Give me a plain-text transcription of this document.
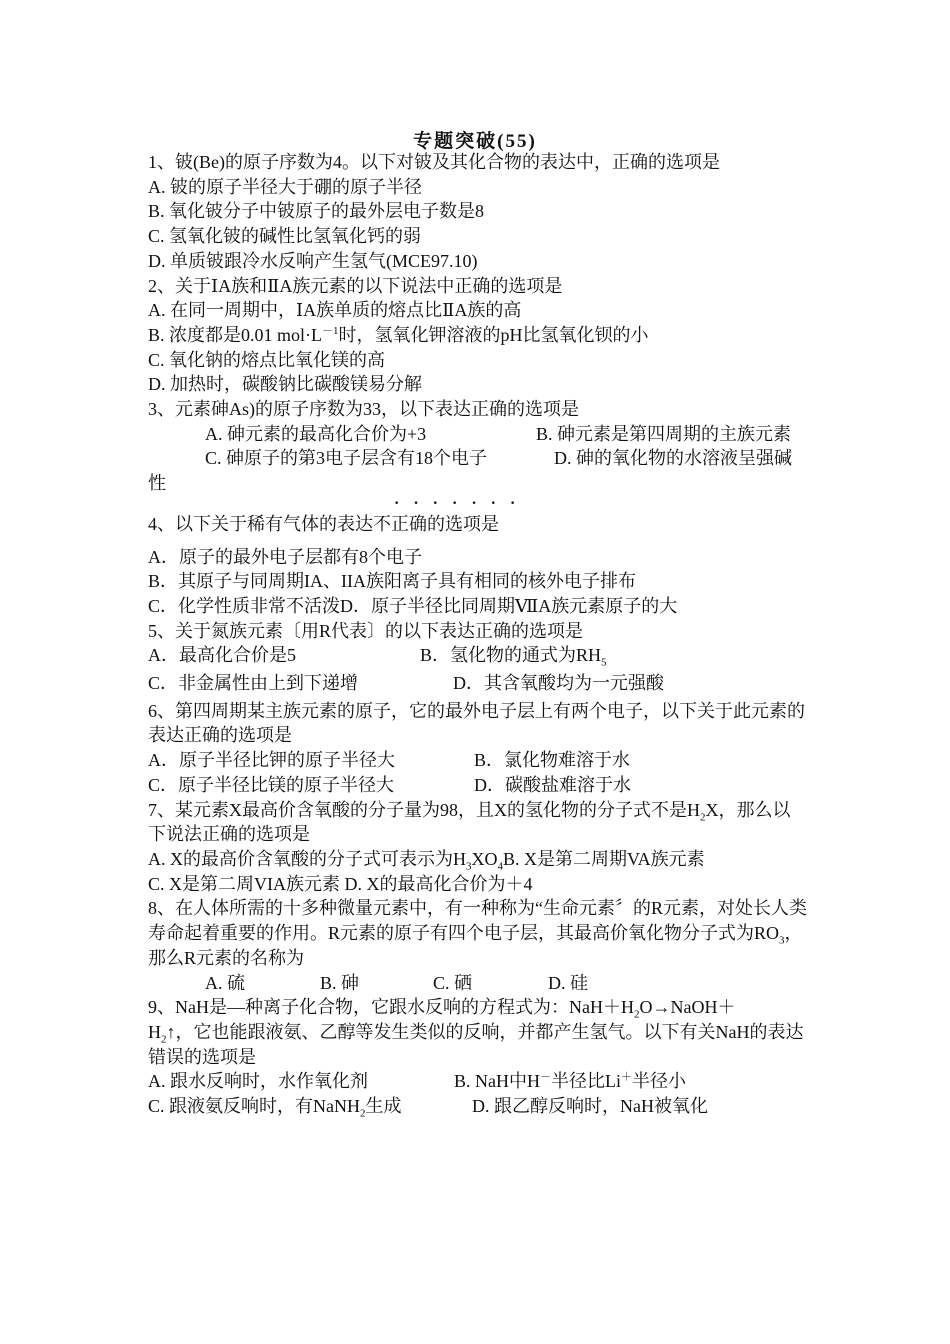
专题突破(55)
1、铍(Be)的原子序数为4。以下对铍及其化合物的表达中，正确的选项是
A. 铍的原子半径大于硼的原子半径
B. 氧化铍分子中铍原子的最外层电子数是8
C. 氢氧化铍的碱性比氢氧化钙的弱
D. 单质铍跟冷水反响产生氢气(MCE97.10)
2、关于ⅠA族和ⅡA族元素的以下说法中正确的选项是
A. 在同一周期中，ⅠA族单质的熔点比ⅡA族的高
B. 浓度都是0.01 $mol\cdot L^{-1}$时，氢氧化钾溶液的pH比氢氧化钡的小
C. 氧化钠的熔点比氧化镁的高
D. 加热时，碳酸钠比碳酸镁易分解
3、元素砷As)的原子序数为33，以下表达正确的选项是
A. 砷元素的最高化合价为+3	B. 砷元素是第四周期的主族元素
C. 砷原子的第3电子层含有18个电子	D. 砷的氧化物的水溶液呈强碱性
·······
4、以下关于稀有气体的表达不正确的选项是
A．原子的最外电子层都有8个电子
B．其原子与同周期IA、IIA族阳离子具有相同的核外电子排布
C．化学性质非常不活泼D．原子半径比同周期ⅦA族元素原子的大
5、关于氮族元素〔用R代表〕的以下表达正确的选项是
A．最高化合价是5	B．氢化物的通式为$RH_5$
C．非金属性由上到下递增	D．其含氧酸均为一元强酸
6、第四周期某主族元素的原子，它的最外电子层上有两个电子，以下关于此元素的表达正确的选项是
A．原子半径比钾的原子半径大	B．氯化物难溶于水
C．原子半径比镁的原子半径大	D．碳酸盐难溶于水
7、某元素X最高价含氧酸的分子量为98，且X的氢化物的分子式不是$H_2X$，那么以下说法正确的选项是
A. X的最高价含氧酸的分子式可表示为$H_3XO_4B$. X是第二周期VA族元素
C. X是第二周VIA族元素 D. X的最高化合价为＋4
8、在人体所需的十多种微量元素中，有一种称为“生命元素〞的R元素，对处长人类寿命起着重要的作用。R元素的原子有四个电子层，其最高价氧化物分子式为$RO_3$，那么R元素的名称为
A. 硫	B. 砷	C. 硒	D. 硅
9、NaH是—种离子化合物，它跟水反响的方程式为：$NaH+H_2O\to NaOH+$
$H_2↑$，它也能跟液氨、乙醇等发生类似的反响，并都产生氢气。以下有关NaH的表达错误的选项是
A. 跟水反响时，水作氧化剂	B. NaH中H－半径比Li＋半径小
C. 跟液氨反响时，有NaNH$_2$生成	D. 跟乙醇反响时，NaH被氧化
